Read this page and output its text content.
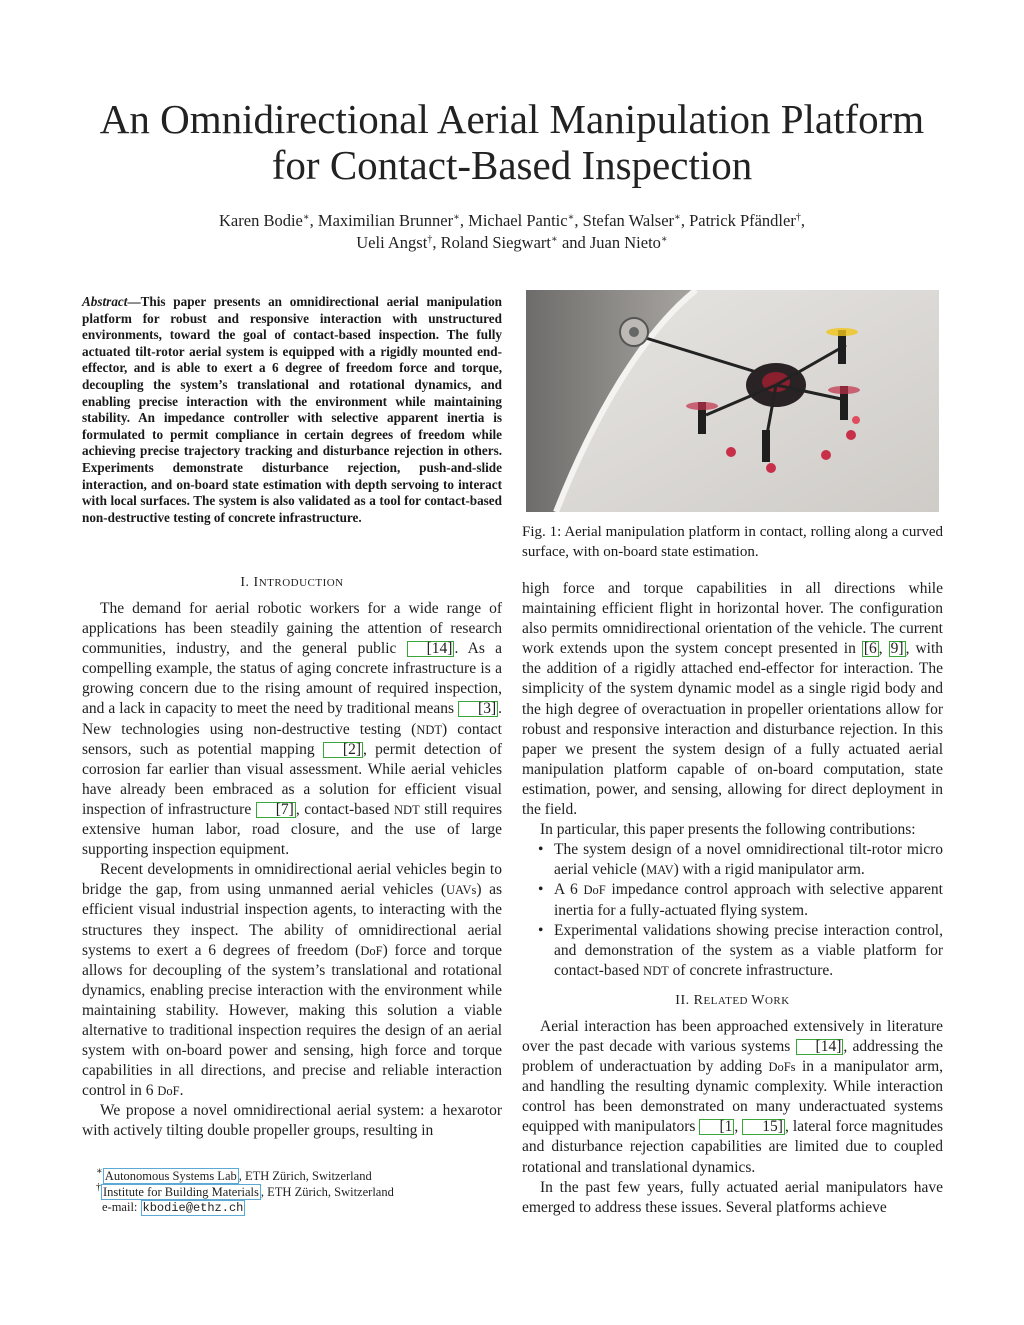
An Omnidirectional Aerial Manipulation Platform
for Contact-Based Inspection
Karen Bodie∗, Maximilian Brunner∗, Michael Pantic∗, Stefan Walser∗, Patrick Pfändler†,
Ueli Angst†, Roland Siegwart∗ and Juan Nieto∗
Abstract—This paper presents an omnidirectional aerial manipulation platform for robust and responsive interaction with unstructured environments, toward the goal of contact-based inspection. The fully actuated tilt-rotor aerial system is equipped with a rigidly mounted end-effector, and is able to exert a 6 degree of freedom force and torque, decoupling the system’s translational and rotational dynamics, and enabling precise interaction with the environment while maintaining stability. An impedance controller with selective apparent inertia is formulated to permit compliance in certain degrees of freedom while achieving precise trajectory tracking and disturbance rejection in others. Experiments demonstrate disturbance rejection, push-and-slide interaction, and on-board state estimation with depth servoing to interact with local surfaces. The system is also validated as a tool for contact-based non-destructive testing of concrete infrastructure.
I. INTRODUCTION

The demand for aerial robotic workers for a wide range of applications has been steadily gaining the attention of research communities, industry, and the general public [14] . As a compelling example, the status of aging concrete infrastructure is a growing concern due to the rising amount of required inspection, and a lack in capacity to meet the need by traditional means [3] . New technologies using non-destructive testing (NDT) contact sensors, such as potential mapping [2] , permit detection of corrosion far earlier than visual assessment. While aerial vehicles have already been embraced as a solution for efficient visual inspection of infrastructure [7] , contact-based NDT still requires extensive human labor, road closure, and the use of large supporting inspection equipment.

Recent developments in omnidirectional aerial vehicles begin to bridge the gap, from using unmanned aerial vehicles (UAVs) as efficient visual industrial inspection agents, to interacting with the structures they inspect. The ability of omnidirectional aerial systems to exert a 6 degrees of freedom (DoF) force and torque allows for decoupling of the system’s translational and rotational dynamics, enabling precise interaction with the environment while maintaining stability. However, making this solution a viable alternative to traditional inspection requires the design of an aerial system with on-board power and sensing, high force and torque capabilities in all directions, and precise and reliable interaction control in 6 DoF.

We propose a novel omnidirectional aerial system: a hexarotor with actively tilting double propeller groups, resulting in

Fig. 1: Aerial manipulation platform in contact, rolling along a curved surface, with on-board state estimation.

high force and torque capabilities in all directions while maintaining efficient flight in horizontal hover. The configuration also permits omnidirectional orientation of the vehicle. The current work extends upon the system concept presented in [6 , 9] , with the addition of a rigidly attached end-effector for interaction. The simplicity of the system dynamic model as a single rigid body and the high degree of overactuation in propeller orientations allow for robust and responsive interaction and disturbance rejection. In this paper we present the system design of a fully actuated aerial manipulation platform capable of on-board computation, state estimation, power, and sensing, allowing for direct deployment in the field.

In particular, this paper presents the following contributions:

• The system design of a novel omnidirectional tilt-rotor micro aerial vehicle (MAV) with a rigid manipulator arm.
• A 6 DoF impedance control approach with selective apparent inertia for a fully-actuated flying system.
• Experimental validations showing precise interaction control, and demonstration of the system as a viable platform for contact-based NDT of concrete infrastructure.
II. RELATED WORK

Aerial interaction has been approached extensively in literature over the past decade with various systems [14] , addressing the problem of underactuation by adding DoFs in a manipulator arm, and handling the resulting dynamic complexity. While interaction control has been demonstrated on many underactuated systems equipped with manipulators [1 , 15] , lateral force magnitudes and disturbance rejection capabilities are limited due to coupled rotational and translational dynamics.

In the past few years, fully actuated aerial manipulators have emerged to address these issues. Several platforms achieve

∗ Autonomous Systems Lab , ETH Zürich, Switzerland
† Institute for Building Materials , ETH Zürich, Switzerland
e-mail: kbodie@ethz.ch
